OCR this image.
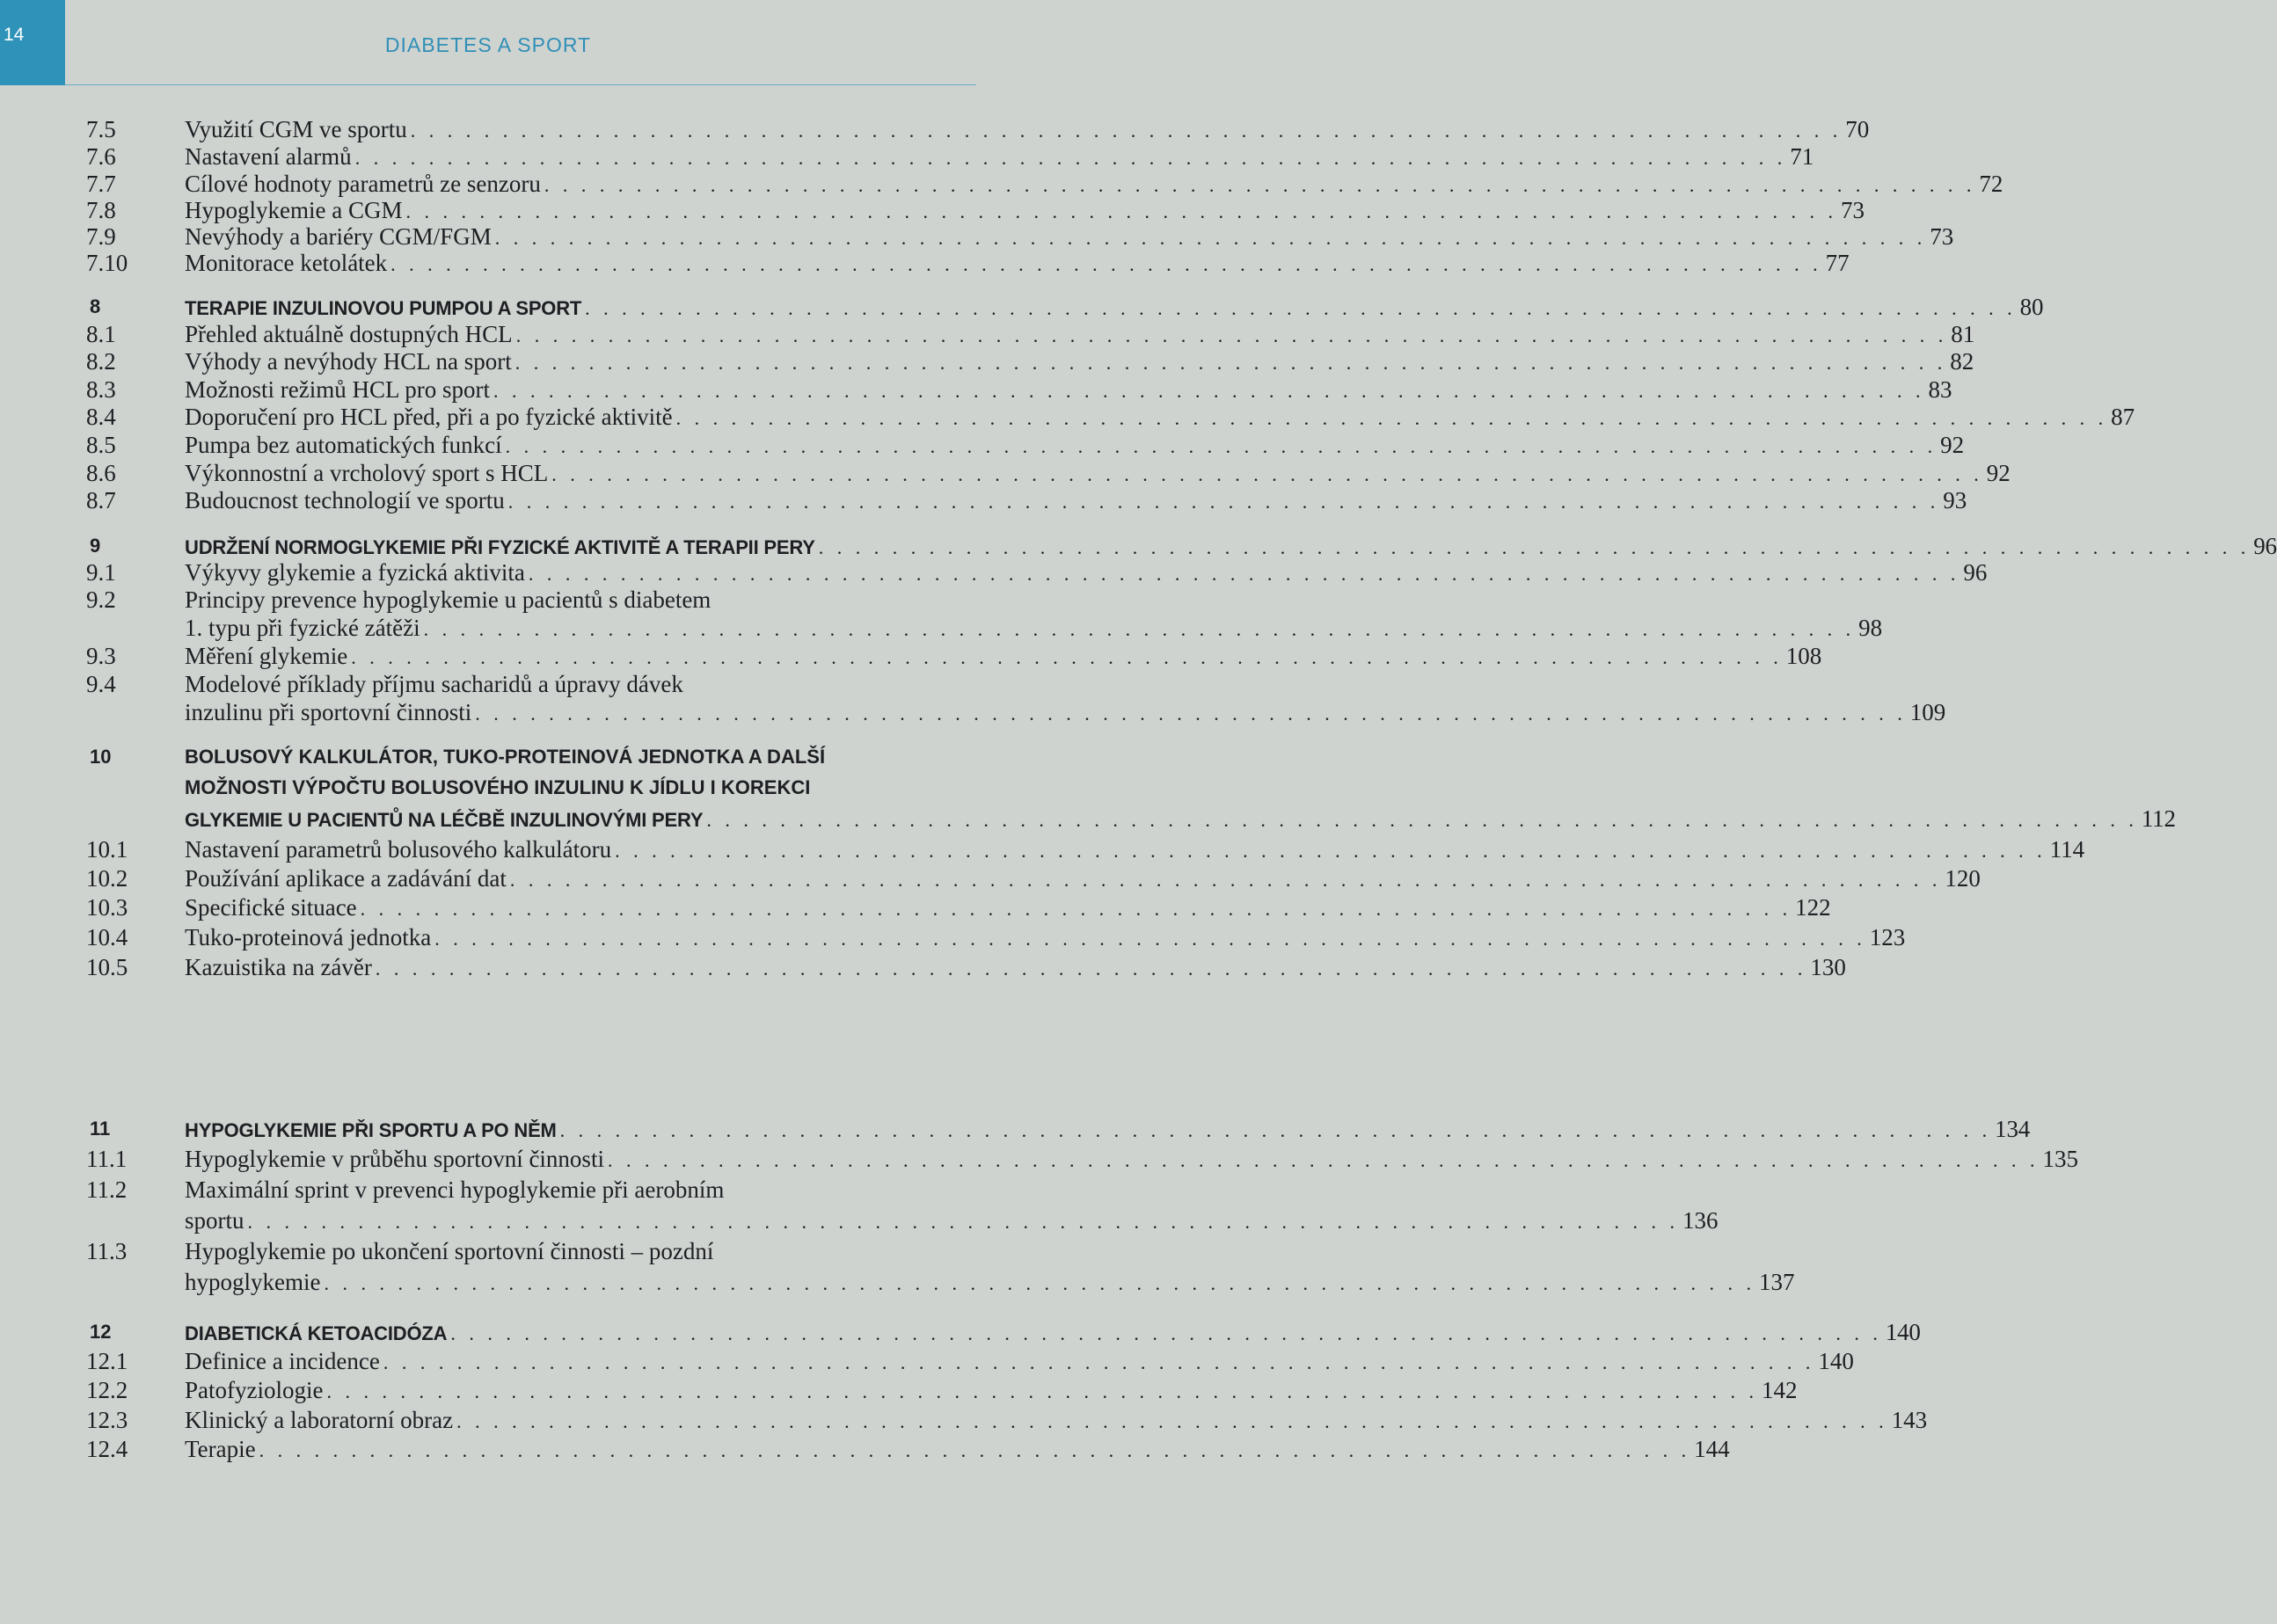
14	DIABETES A SPORT
7.5	Využití CGM ve sportu . . . . . . . . . . . . . . . . . . . . . . . . . . . . . . . . . . . . . . . . . . . . . . . . . . . . . . . . . . . . . . . . . . . . . . . . . . . . . . 70
7.6	Nastavení alarmů . . . . . . . . . . . . . . . . . . . . . . . . . . . . . . . . . . . . . . . . . . . . . . . . . . . . . . . . . . . . . . . . . . . . . . . . . . . . . . 71
7.7	Cílové hodnoty parametrů ze senzoru . . . . . . . . . . . . . . . . . . . . . . . . . . . . . . . . . . . . . . . . . . . . . . . . . . . . . . . . . . . . . . . . . . . . . . . . . . . . . . 72
7.8	Hypoglykemie a CGM . . . . . . . . . . . . . . . . . . . . . . . . . . . . . . . . . . . . . . . . . . . . . . . . . . . . . . . . . . . . . . . . . . . . . . . . . . . . . . 73
7.9	Nevýhody a bariéry CGM/FGM . . . . . . . . . . . . . . . . . . . . . . . . . . . . . . . . . . . . . . . . . . . . . . . . . . . . . . . . . . . . . . . . . . . . . . . . . . . . . . 73
7.10 Monitorace ketolátek . . . . . . . . . . . . . . . . . . . . . . . . . . . . . . . . . . . . . . . . . . . . . . . . . . . . . . . . . . . . . . . . . . . . . . . . . . . . . . 77
8	TERAPIE INZULINOVOU PUMPOU A SPORT . . . . . . . . . . . . . . . . . . . . . . . . . . . . . . . . . . . . . . . . . . . . . . . . . . . . . . . . . . . . . . . . . . . . . . . . . . . . . . 80
8.1	Přehled aktuálně dostupných HCL . . . . . . . . . . . . . . . . . . . . . . . . . . . . . . . . . . . . . . . . . . . . . . . . . . . . . . . . . . . . . . . . . . . . . . . . . . . . . . 81
8.2	Výhody a nevýhody HCL na sport . . . . . . . . . . . . . . . . . . . . . . . . . . . . . . . . . . . . . . . . . . . . . . . . . . . . . . . . . . . . . . . . . . . . . . . . . . . . . . 82
8.3	Možnosti režimů HCL pro sport . . . . . . . . . . . . . . . . . . . . . . . . . . . . . . . . . . . . . . . . . . . . . . . . . . . . . . . . . . . . . . . . . . . . . . . . . . . . . . 83
8.4	Doporučení pro HCL před, při a po fyzické aktivitě . . . . . . . . . . . . . . . . . . . . . . . . . . . . . . . . . . . . . . . . . . . . . . . . . . . . . . . . . . . . . . . . . . . . . . . . . . . . . . 87
8.5	Pumpa bez automatických funkcí . . . . . . . . . . . . . . . . . . . . . . . . . . . . . . . . . . . . . . . . . . . . . . . . . . . . . . . . . . . . . . . . . . . . . . . . . . . . . . 92
8.6	Výkonnostní a vrcholový sport s HCL . . . . . . . . . . . . . . . . . . . . . . . . . . . . . . . . . . . . . . . . . . . . . . . . . . . . . . . . . . . . . . . . . . . . . . . . . . . . . . 92
8.7	Budoucnost technologií ve sportu . . . . . . . . . . . . . . . . . . . . . . . . . . . . . . . . . . . . . . . . . . . . . . . . . . . . . . . . . . . . . . . . . . . . . . . . . . . . . . 93
9	UDRŽENÍ NORMOGLYKEMIE PŘI FYZICKÉ AKTIVITĚ A TERAPII PERY . . . . . . . . . . . . . . . . . . . . . . . . . . . . . . . . . . . . . . . . . . . . . . . . . . . . . . . . . . . . . . . . . . . . . . . . . . . . . . 96
9.1	Výkyvy glykemie a fyzická aktivita . . . . . . . . . . . . . . . . . . . . . . . . . . . . . . . . . . . . . . . . . . . . . . . . . . . . . . . . . . . . . . . . . . . . . . . . . . . . . . 96
9.2	Principy prevence hypoglykemie u pacientů s diabetem
1. typu při fyzické zátěži . . . . . . . . . . . . . . . . . . . . . . . . . . . . . . . . . . . . . . . . . . . . . . . . . . . . . . . . . . . . . . . . . . . . . . . . . . . . . . 98
9.3	Měření glykemie . . . . . . . . . . . . . . . . . . . . . . . . . . . . . . . . . . . . . . . . . . . . . . . . . . . . . . . . . . . . . . . . . . . . . . . . . . . . . . 108
9.4	Modelové příklady příjmu sacharidů a úpravy dávek
inzulinu při sportovní činnosti . . . . . . . . . . . . . . . . . . . . . . . . . . . . . . . . . . . . . . . . . . . . . . . . . . . . . . . . . . . . . . . . . . . . . . . . . . . . . . 109
10	BOLUSOVÝ KALKULÁTOR, TUKO-PROTEINOVÁ JEDNOTKA A DALŠÍ
MOŽNOSTI VÝPOČTU BOLUSOVÉHO INZULINU K JÍDLU I KOREKCI
GLYKEMIE U PACIENTŮ NA LÉČBĚ INZULINOVÝMI PERY . . . . . . . . . . . . . . . . . . . . . . . . . . . . . . . . . . . . . . . . . . . . . . . . . . . . . . . . . . . . . . . . . . . . . . . . . . . . . . 112
10.1 Nastavení parametrů bolusového kalkulátoru . . . . . . . . . . . . . . . . . . . . . . . . . . . . . . . . . . . . . . . . . . . . . . . . . . . . . . . . . . . . . . . . . . . . . . . . . . . . . . 114
10.2 Používání aplikace a zadávání dat . . . . . . . . . . . . . . . . . . . . . . . . . . . . . . . . . . . . . . . . . . . . . . . . . . . . . . . . . . . . . . . . . . . . . . . . . . . . . . 120
10.3 Specifické situace . . . . . . . . . . . . . . . . . . . . . . . . . . . . . . . . . . . . . . . . . . . . . . . . . . . . . . . . . . . . . . . . . . . . . . . . . . . . . . 122
10.4 Tuko-proteinová jednotka . . . . . . . . . . . . . . . . . . . . . . . . . . . . . . . . . . . . . . . . . . . . . . . . . . . . . . . . . . . . . . . . . . . . . . . . . . . . . . 123
10.5 Kazuistika na závěr . . . . . . . . . . . . . . . . . . . . . . . . . . . . . . . . . . . . . . . . . . . . . . . . . . . . . . . . . . . . . . . . . . . . . . . . . . . . . . 130
11	HYPOGLYKEMIE PŘI SPORTU A PO NĚM . . . . . . . . . . . . . . . . . . . . . . . . . . . . . . . . . . . . . . . . . . . . . . . . . . . . . . . . . . . . . . . . . . . . . . . . . . . . . . 134
11.1 Hypoglykemie v průběhu sportovní činnosti . . . . . . . . . . . . . . . . . . . . . . . . . . . . . . . . . . . . . . . . . . . . . . . . . . . . . . . . . . . . . . . . . . . . . . . . . . . . . . 135
11.2 Maximální sprint v prevenci hypoglykemie při aerobním
sportu . . . . . . . . . . . . . . . . . . . . . . . . . . . . . . . . . . . . . . . . . . . . . . . . . . . . . . . . . . . . . . . . . . . . . . . . . . . . . . 136
11.3 Hypoglykemie po ukončení sportovní činnosti – pozdní
hypoglykemie . . . . . . . . . . . . . . . . . . . . . . . . . . . . . . . . . . . . . . . . . . . . . . . . . . . . . . . . . . . . . . . . . . . . . . . . . . . . . . 137
12	DIABETICKÁ KETOACIDÓZA . . . . . . . . . . . . . . . . . . . . . . . . . . . . . . . . . . . . . . . . . . . . . . . . . . . . . . . . . . . . . . . . . . . . . . . . . . . . . . 140
12.1 Definice a incidence . . . . . . . . . . . . . . . . . . . . . . . . . . . . . . . . . . . . . . . . . . . . . . . . . . . . . . . . . . . . . . . . . . . . . . . . . . . . . . 140
12.2 Patofyziologie . . . . . . . . . . . . . . . . . . . . . . . . . . . . . . . . . . . . . . . . . . . . . . . . . . . . . . . . . . . . . . . . . . . . . . . . . . . . . . 142
12.3 Klinický a laboratorní obraz . . . . . . . . . . . . . . . . . . . . . . . . . . . . . . . . . . . . . . . . . . . . . . . . . . . . . . . . . . . . . . . . . . . . . . . . . . . . . . 143
12.4 Terapie . . . . . . . . . . . . . . . . . . . . . . . . . . . . . . . . . . . . . . . . . . . . . . . . . . . . . . . . . . . . . . . . . . . . . . . . . . . . . . 144
